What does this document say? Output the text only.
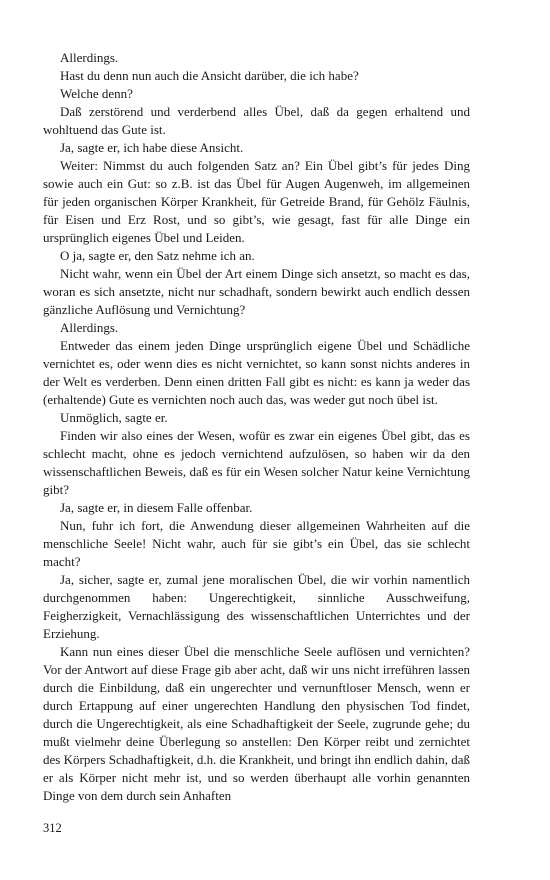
Allerdings.

Hast du denn nun auch die Ansicht darüber, die ich habe?

Welche denn?

Daß zerstörend und verderbend alles Übel, daß da gegen erhaltend und wohltuend das Gute ist.

Ja, sagte er, ich habe diese Ansicht.

Weiter: Nimmst du auch folgenden Satz an? Ein Übel gibt’s für jedes Ding sowie auch ein Gut: so z.B. ist das Übel für Augen Augenweh, im allgemeinen für jeden organischen Körper Krankheit, für Getreide Brand, für Gehölz Fäulnis, für Eisen und Erz Rost, und so gibt’s, wie gesagt, fast für alle Dinge ein ursprünglich eigenes Übel und Leiden.

O ja, sagte er, den Satz nehme ich an.

Nicht wahr, wenn ein Übel der Art einem Dinge sich ansetzt, so macht es das, woran es sich ansetzte, nicht nur schadhaft, sondern bewirkt auch endlich dessen gänzliche Auflösung und Vernichtung?

Allerdings.

Entweder das einem jeden Dinge ursprünglich eigene Übel und Schädliche vernichtet es, oder wenn dies es nicht vernichtet, so kann sonst nichts anderes in der Welt es verderben. Denn einen dritten Fall gibt es nicht: es kann ja weder das (erhaltende) Gute es vernichten noch auch das, was weder gut noch übel ist.

Unmöglich, sagte er.

Finden wir also eines der Wesen, wofür es zwar ein eigenes Übel gibt, das es schlecht macht, ohne es jedoch vernichtend aufzulösen, so haben wir da den wissenschaftlichen Beweis, daß es für ein Wesen solcher Natur keine Vernichtung gibt?

Ja, sagte er, in diesem Falle offenbar.

Nun, fuhr ich fort, die Anwendung dieser allgemeinen Wahrheiten auf die menschliche Seele! Nicht wahr, auch für sie gibt’s ein Übel, das sie schlecht macht?

Ja, sicher, sagte er, zumal jene moralischen Übel, die wir vorhin namentlich durchgenommen haben: Ungerechtigkeit, sinnliche Ausschweifung, Feigherzigkeit, Vernachlässigung des wissenschaftlichen Unterrichtes und der Erziehung.

Kann nun eines dieser Übel die menschliche Seele auflösen und vernichten? Vor der Antwort auf diese Frage gib aber acht, daß wir uns nicht irreführen lassen durch die Einbildung, daß ein ungerechter und vernunftloser Mensch, wenn er durch Ertappung auf einer ungerechten Handlung den physischen Tod findet, durch die Ungerechtigkeit, als eine Schadhaftigkeit der Seele, zugrunde gehe; du mußt vielmehr deine Überlegung so anstellen: Den Körper reibt und zernichtet des Körpers Schadhaftigkeit, d.h. die Krankheit, und bringt ihn endlich dahin, daß er als Körper nicht mehr ist, und so werden überhaupt alle vorhin genannten Dinge von dem durch sein Anhaften

312
